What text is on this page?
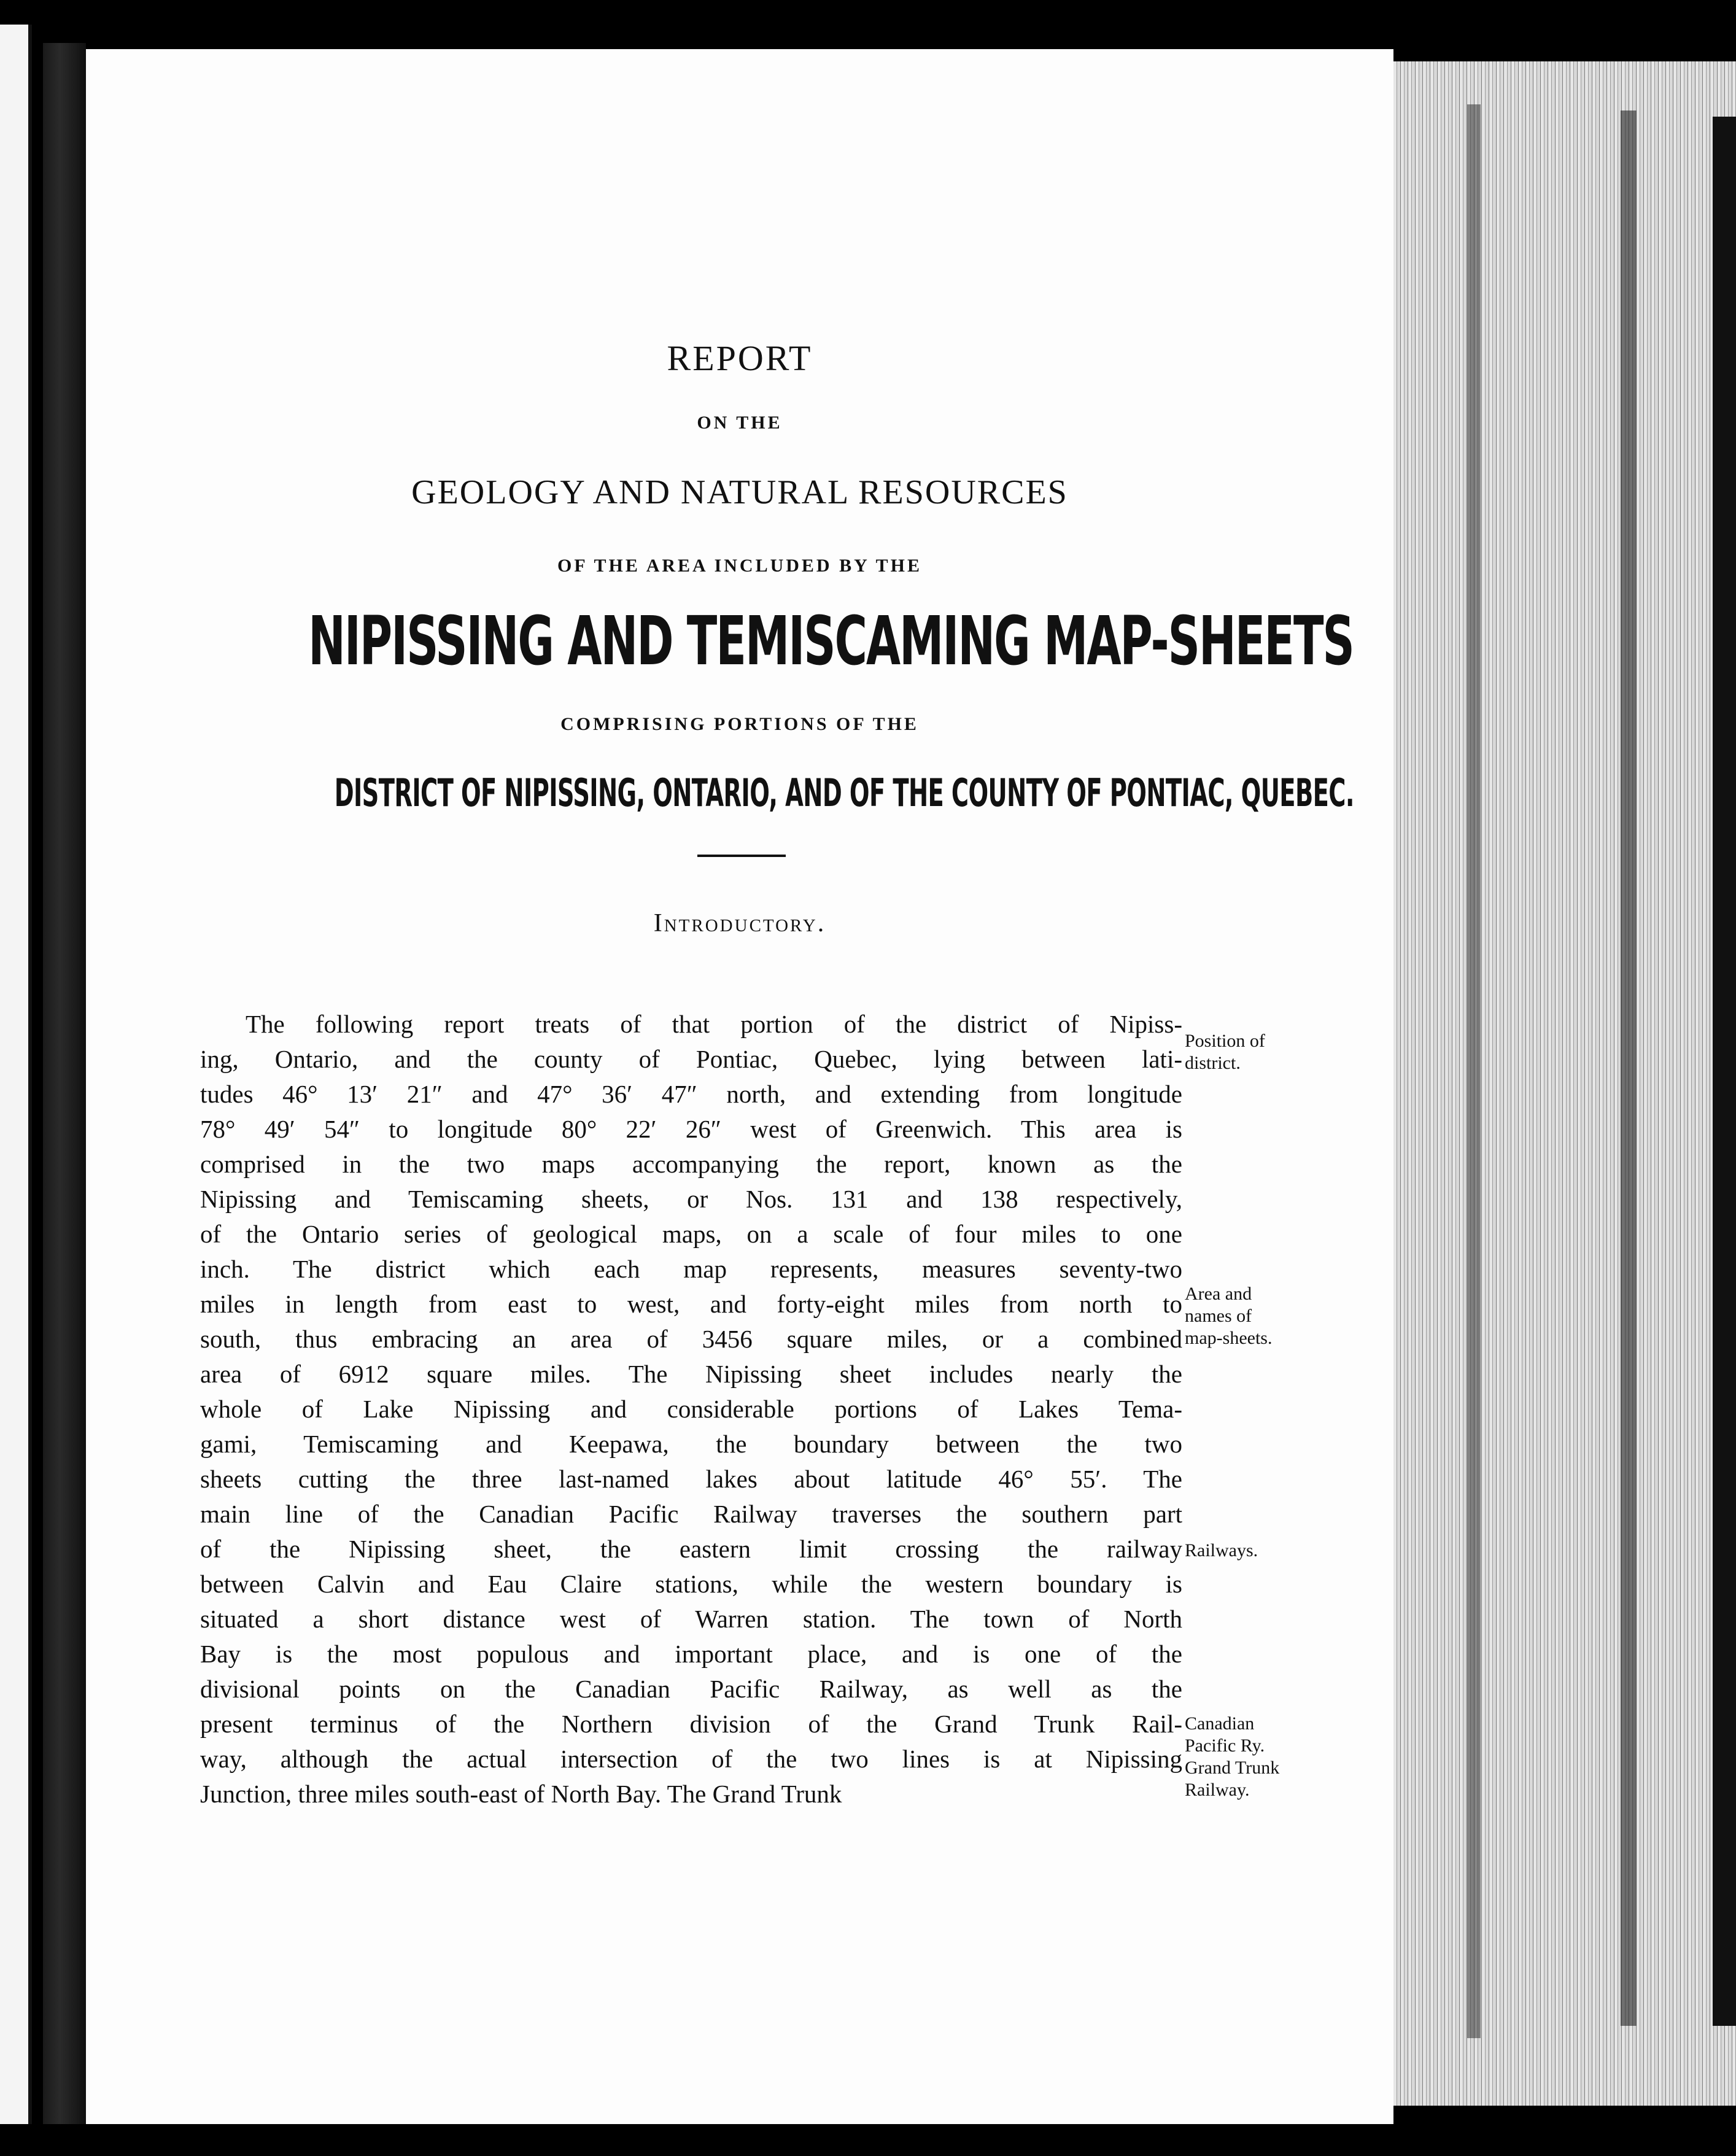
REPORT
ON THE
GEOLOGY AND NATURAL RESOURCES
OF THE AREA INCLUDED BY THE
NIPISSING AND TEMISCAMING MAP-SHEETS
COMPRISING PORTIONS OF THE
DISTRICT OF NIPISSING, ONTARIO, AND OF THE COUNTY OF PONTIAC, QUEBEC.
Introductory.
The following report treats of that portion of the district of Nipiss-
ing, Ontario, and the county of Pontiac, Quebec, lying between lati-
tudes 46° 13′ 21″ and 47° 36′ 47″ north, and extending from longitude
78° 49′ 54″ to longitude 80° 22′ 26″ west of Greenwich. This area is
comprised in the two maps accompanying the report, known as the
Nipissing and Temiscaming sheets, or Nos. 131 and 138 respectively,
of the Ontario series of geological maps, on a scale of four miles to one
inch. The district which each map represents, measures seventy-two
miles in length from east to west, and forty-eight miles from north to
south, thus embracing an area of 3456 square miles, or a combined
area of 6912 square miles. The Nipissing sheet includes nearly the
whole of Lake Nipissing and considerable portions of Lakes Tema-
gami, Temiscaming and Keepawa, the boundary between the two
sheets cutting the three last-named lakes about latitude 46° 55′. The
main line of the Canadian Pacific Railway traverses the southern part
of the Nipissing sheet, the eastern limit crossing the railway
between Calvin and Eau Claire stations, while the western boundary is
situated a short distance west of Warren station. The town of North
Bay is the most populous and important place, and is one of the
divisional points on the Canadian Pacific Railway, as well as the
present terminus of the Northern division of the Grand Trunk Rail-
way, although the actual intersection of the two lines is at Nipissing
Junction, three miles south-east of North Bay. The Grand Trunk
Position of
district.
Area and
names of
map-sheets.
Railways.
Canadian
Pacific Ry.
Grand Trunk
Railway.
